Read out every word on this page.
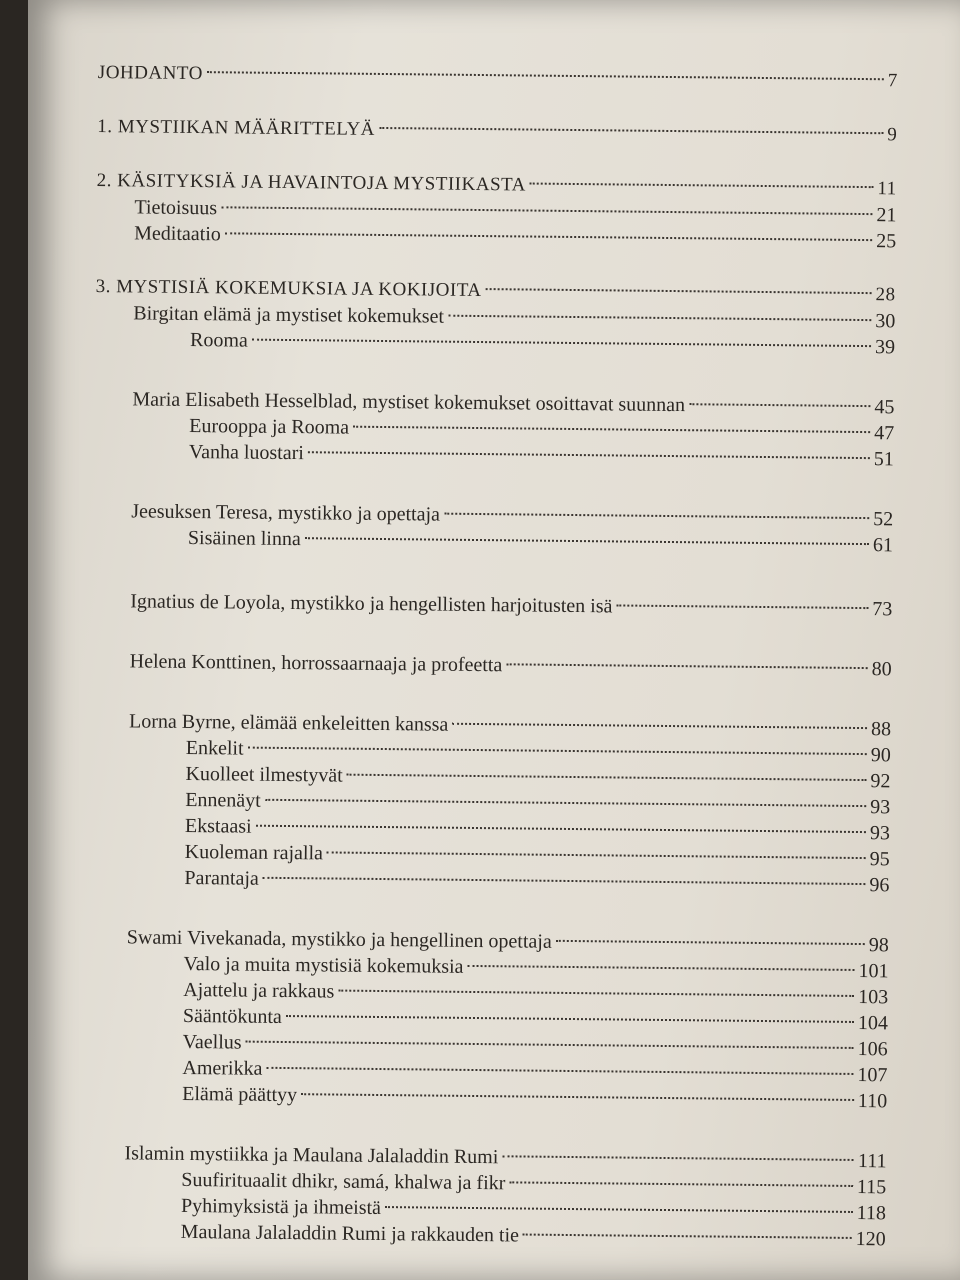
JOHDANTO	7
1. MYSTIIKAN MÄÄRITTELYÄ	9
2. KÄSITYKSIÄ JA HAVAINTOJA MYSTIIKASTA	11
Tietoisuus	21
Meditaatio	25
3. MYSTISIÄ KOKEMUKSIA JA KOKIJOITA	28
Birgitan elämä ja mystiset kokemukset	30
Rooma	39
Maria Elisabeth Hesselblad, mystiset kokemukset osoittavat suunnan	45
Eurooppa ja Rooma	47
Vanha luostari	51
Jeesuksen Teresa, mystikko ja opettaja	52
Sisäinen linna	61
Ignatius de Loyola, mystikko ja hengellisten harjoitusten isä	73
Helena Konttinen, horrossaarnaaja ja profeetta	80
Lorna Byrne, elämää enkeleitten kanssa	88
Enkelit	90
Kuolleet ilmestyvät	92
Ennenäyt	93
Ekstaasi	93
Kuoleman rajalla	95
Parantaja	96
Swami Vivekanada, mystikko ja hengellinen opettaja	98
Valo ja muita mystisiä kokemuksia	101
Ajattelu ja rakkaus	103
Sääntökunta	104
Vaellus	106
Amerikka	107
Elämä päättyy	110
Islamin mystiikka ja Maulana Jalaladdin Rumi	111
Suufirituaalit dhikr, samá, khalwa ja fikr	115
Pyhimyksistä ja ihmeistä	118
Maulana Jalaladdin Rumi ja rakkauden tie	120
